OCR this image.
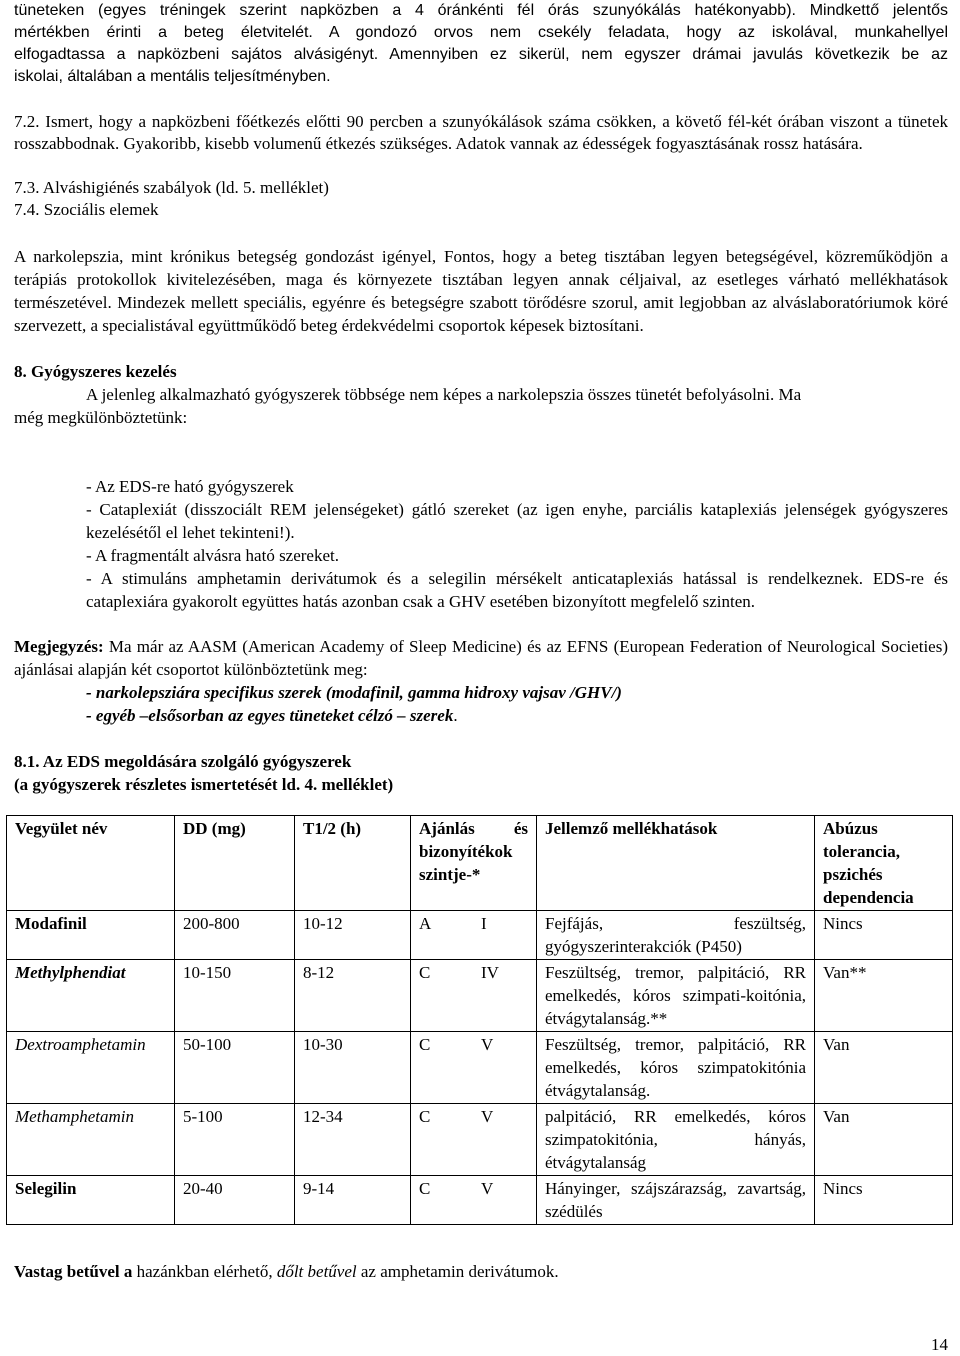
tüneteken (egyes tréningek szerint napközben a 4 óránkénti fél órás szunyókálás hatékonyabb). Mindkettő jelentős
mértékben érinti a beteg életvitelét. A gondozó orvos nem csekély feladata, hogy az iskolával, munkahellyel
elfogadtassa a napközbeni sajátos alvásigényt. Amennyiben ez sikerül, nem egyszer drámai javulás következik be az
iskolai, általában a mentális teljesítményben.
7.2. Ismert, hogy a napközbeni főétkezés előtti 90 percben a szunyókálások száma csökken, a követő fél-két órában viszont a tünetek rosszabbodnak. Gyakoribb, kisebb volumenű étkezés szükséges. Adatok vannak az édességek fogyasztásának rossz hatására.
7.3. Alváshigiénés szabályok (ld. 5. melléklet)
7.4. Szociális elemek
A narkolepszia, mint krónikus betegség gondozást igényel, Fontos, hogy a beteg tisztában legyen betegségével, közreműködjön a terápiás protokollok kivitelezésében, maga és környezete tisztában legyen annak céljaival, az esetleges várható mellékhatások természetével. Mindezek mellett speciális, egyénre és betegségre szabott törődésre szorul, amit legjobban az alváslaboratóriumok köré szervezett, a specialistával együttműködő beteg érdekvédelmi csoportok képesek biztosítani.
8. Gyógyszeres kezelés
A jelenleg alkalmazható gyógyszerek többsége nem képes a narkolepszia összes tünetét befolyásolni. Ma
még megkülönböztetünk:
- Az EDS-re ható gyógyszerek
- Cataplexiát (disszociált REM jelenségeket) gátló szereket (az igen enyhe, parciális kataplexiás jelenségek gyógyszeres kezelésétől el lehet tekinteni!).
- A fragmentált alvásra ható szereket.
- A stimuláns amphetamin derivátumok és a selegilin mérsékelt anticataplexiás hatással is rendelkeznek. EDS-re és cataplexiára gyakorolt együttes hatás azonban csak a GHV esetében bizonyított megfelelő szinten.
Megjegyzés: Ma már az AASM (American Academy of Sleep Medicine) és az EFNS (European Federation of Neurological Societies) ajánlásai alapján két csoportot különböztetünk meg:
- narkolepsziára specifikus szerek (modafinil, gamma hidroxy vajsav /GHV/)
- egyéb –elsősorban az egyes tüneteket célzó – szerek.
8.1. Az EDS megoldására szolgáló gyógyszerek
(a gyógyszerek részletes ismertetését ld. 4. melléklet)
Vegyület név	DD (mg)	T1/2 (h)	Ajánlás és bizonyítékok szintje-*	Jellemző mellékhatások	Abúzus tolerancia, pszichés dependencia
Modafinil	200-800	10-12	A I	Fejfájás, feszültség, gyógyszerinterakciók (P450)	Nincs
Methylphendiat	10-150	8-12	C IV	Feszültség, tremor, palpitáció, RR emelkedés, kóros szimpati-koitónia, étvágytalanság.**	Van**
Dextroamphetamin	50-100	10-30	C V	Feszültség, tremor, palpitáció, RR emelkedés, kóros szimpatokitónia étvágytalanság.	Van
Methamphetamin	5-100	12-34	C V	palpitáció, RR emelkedés, kóros szimpatokitónia, hányás, étvágytalanság	Van
Selegilin	20-40	9-14	C V	Hányinger, szájszárazság, zavartság, szédülés	Nincs
Vastag betűvel a hazánkban elérhető, dőlt betűvel az amphetamin derivátumok.
14
